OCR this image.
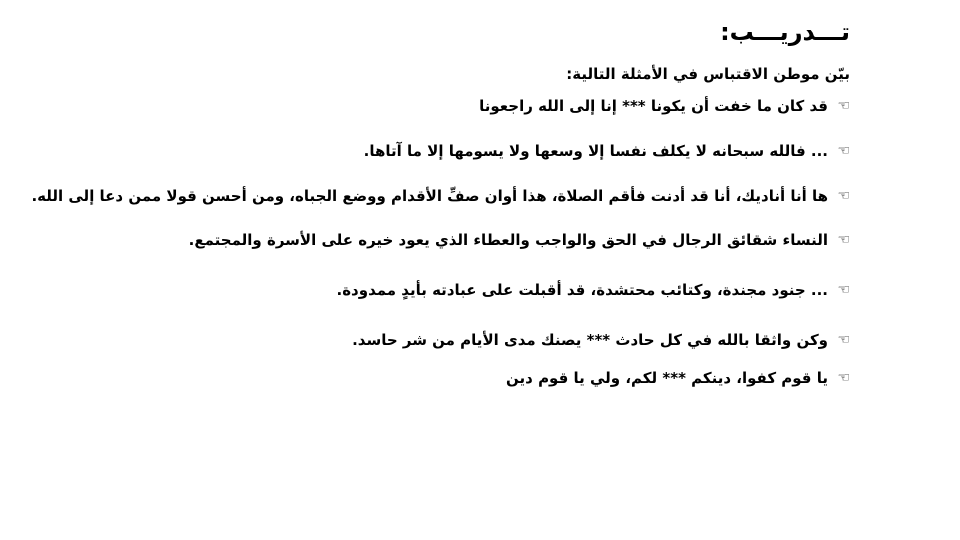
تـــدريـــب:
بيّن موطن الاقتباس في الأمثلة التالية:
☜
قد كان ما خفت أن يكونا *** إنا إلى الله راجعونا
☜
... فالله سبحانه لا يكلف نفسا إلا وسعها ولا يسومها إلا ما آتاها.
☜
ها أنا أناديك، أنا قد أدنت فأقم الصلاة، هذا أوان صفِّ الأقدام ووضع الجباه، ومن أحسن قولا ممن دعا إلى الله.
☜
النساء شقائق الرجال في الحق والواجب والعطاء الذي يعود خيره على الأسرة والمجتمع.
☜
... جنود مجندة، وكتائب محتشدة، قد أقبلت على عبادته بأيدٍ ممدودة.
☜
وكن واثقا بالله في كل حادث *** يصنك مدى الأيام من شر حاسد.
☜
يا قوم كفوا، دينكم *** لكم، ولي يا قوم دين
